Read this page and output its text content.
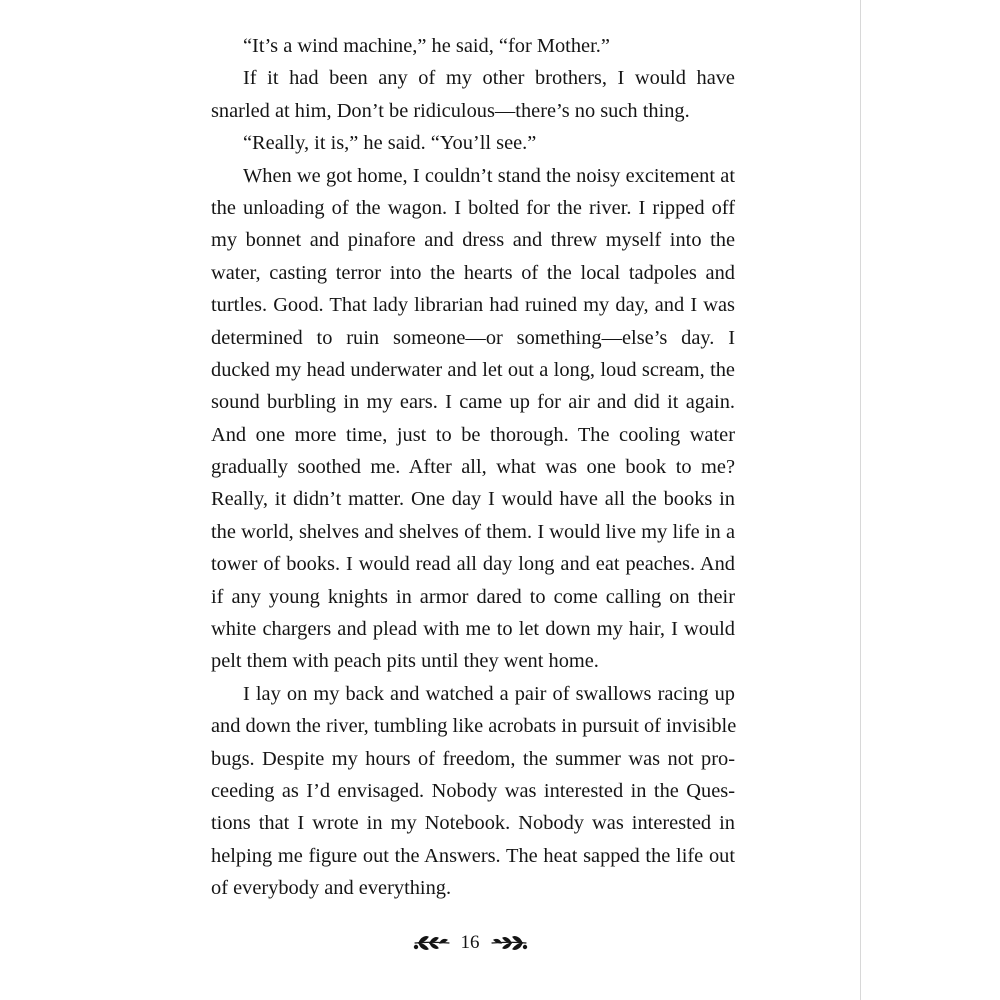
“It’s a wind machine,” he said, “for Mother.”
If it had been any of my other brothers, I would have
snarled at him, Don’t be ridiculous—there’s no such thing.
“Really, it is,” he said. “You’ll see.”
When we got home, I couldn’t stand the noisy excitement at
the unloading of the wagon. I bolted for the river. I ripped off
my bonnet and pinafore and dress and threw myself into the
water, casting terror into the hearts of the local tadpoles and
turtles. Good. That lady librarian had ruined my day, and I was
determined to ruin someone—or something—else’s day. I
ducked my head underwater and let out a long, loud scream, the
sound burbling in my ears. I came up for air and did it again.
And one more time, just to be thorough. The cooling water
gradually soothed me. After all, what was one book to me?
Really, it didn’t matter. One day I would have all the books in
the world, shelves and shelves of them. I would live my life in a
tower of books. I would read all day long and eat peaches. And
if any young knights in armor dared to come calling on their
white chargers and plead with me to let down my hair, I would
pelt them with peach pits until they went home.
I lay on my back and watched a pair of swallows racing up
and down the river, tumbling like acrobats in pursuit of invisible
bugs. Despite my hours of freedom, the summer was not pro-
ceeding as I’d envisaged. Nobody was interested in the Ques-
tions that I wrote in my Notebook. Nobody was interested in
helping me figure out the Answers. The heat sapped the life out
of everybody and everything.
16
